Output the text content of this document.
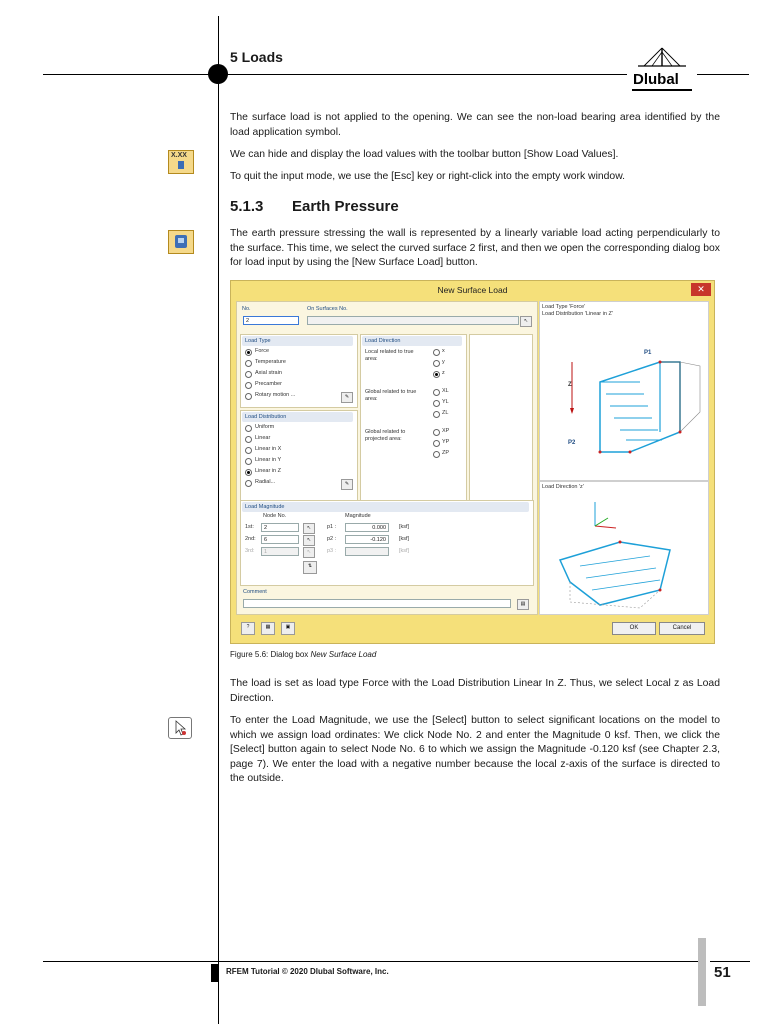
5 Loads
Dlubal

The surface load is not applied to the opening. We can see the non-load bearing area identified by the load application symbol.

X.XX	We can hide and display the load values with the toolbar button [Show Load Values].

To quit the input mode, we use the [Esc] key or right-click into the empty work window.

5.1.3 Earth Pressure

The earth pressure stressing the wall is represented by a linearly variable load acting perpendicularly to the surface. This time, we select the curved surface 2 first, and then we open the corresponding dialog box for load input by using the [New Surface Load] button.

New Surface Load	✕
No.
2
On Surfaces No.
↖
Load Type
Force
Temperature
Axial strain
Precamber
Rotary motion ...	✎
Load Distribution
Uniform
Linear
Linear in X
Linear in Y
Linear in Z
Radial...	✎
Load Direction
Local related to true area:
x
y
z
Global related to true area:
XL
YL
ZL
Global related to projected area:
XP
YP
ZP
Load Magnitude
Node No.	Magnitude
1st:	2	↖	p1 :	0.000	[ksf]
2nd:	6	↖	p2 :	-0.120	[ksf]
3rd:	1	↖	p3 :	[ksf]
⇅
Comment
▤
Load Type 'Force'
Load Distribution 'Linear in Z'
Z
P1
P2
Load Direction 'z'
?	▦	▣	OK	Cancel
Figure 5.6: Dialog box New Surface Load

The load is set as load type Force with the Load Distribution Linear In Z. Thus, we select Local z as Load Direction.

To enter the Load Magnitude, we use the [Select] button to select significant locations on the model to which we assign load ordinates: We click Node No. 2 and enter the Magnitude 0 ksf. Then, we click the [Select] button again to select Node No. 6 to which we assign the Magnitude -0.120 ksf (see Chapter 2.3, page 7). We enter the load with a negative number because the local z-axis of the surface is directed to the outside.

RFEM Tutorial © 2020 Dlubal Software, Inc.	51
